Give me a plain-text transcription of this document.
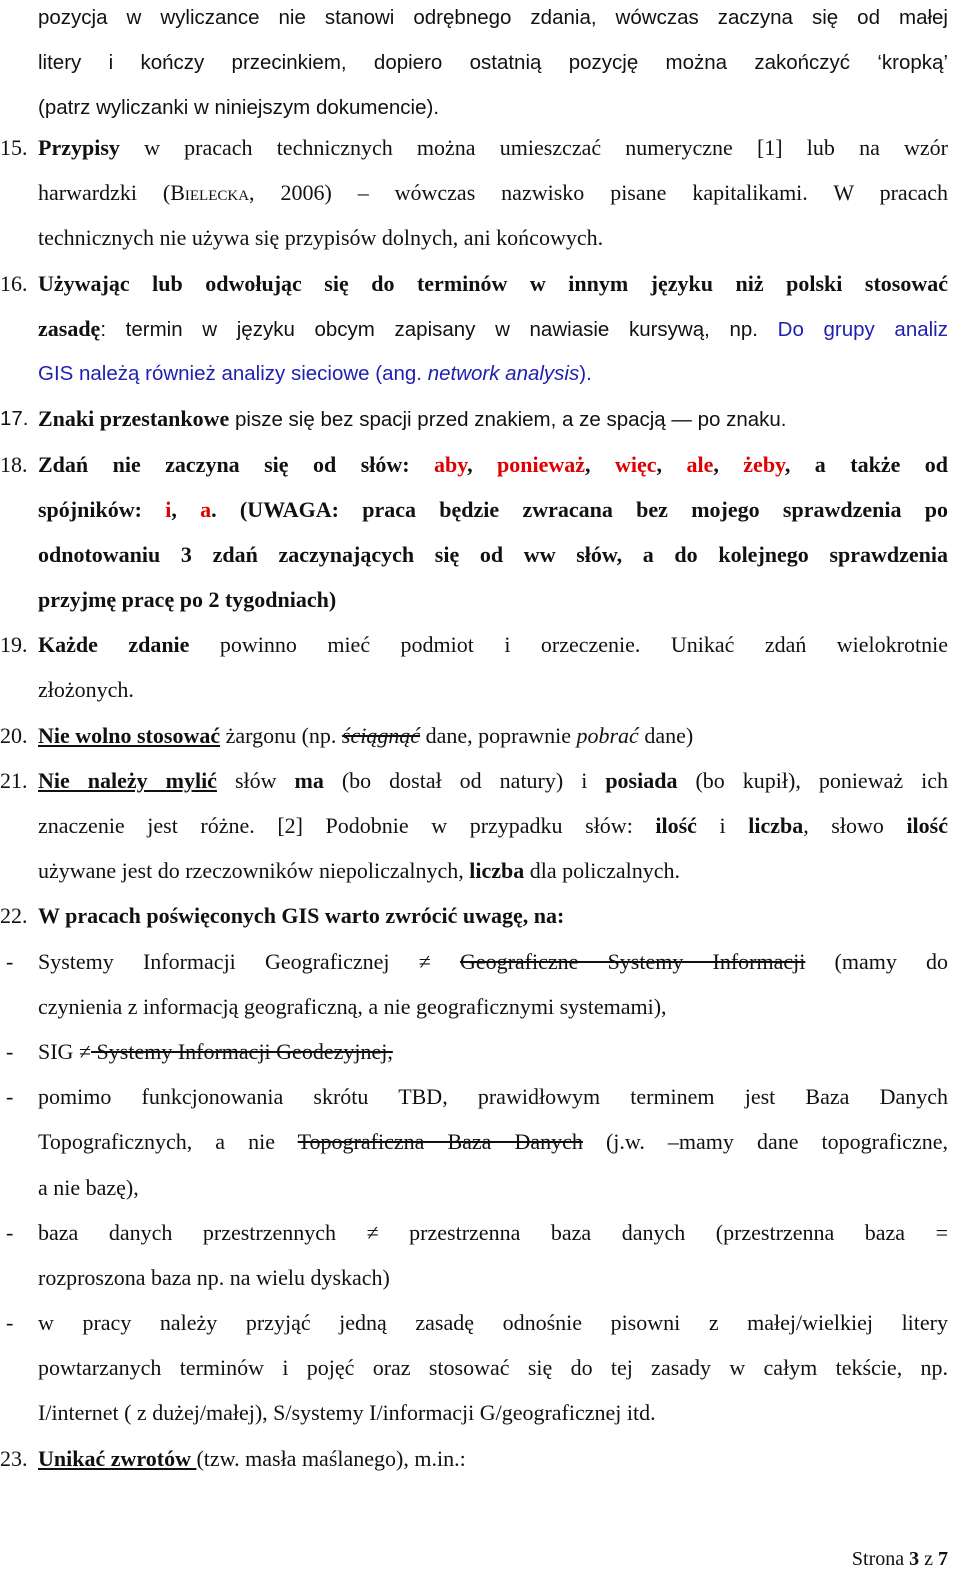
pozycja w wyliczance nie stanowi odrębnego zdania, wówczas zaczyna się od małej
litery i kończy przecinkiem, dopiero ostatnią pozycję można zakończyć ‘kropką’
(patrz wyliczanki w niniejszym dokumencie).
15. Przypisy w pracach technicznych można umieszczać numeryczne [1] lub na wzór
harwardzki (Bielecka, 2006) – wówczas nazwisko pisane kapitalikami. W pracach
technicznych nie używa się przypisów dolnych, ani końcowych.
16. Używając lub odwołując się do terminów w innym języku niż polski stosować
zasadę: termin w języku obcym zapisany w nawiasie kursywą, np. Do grupy analiz
GIS należą również analizy sieciowe (ang. network analysis).
17. Znaki przestankowe pisze się bez spacji przed znakiem, a ze spacją — po znaku.
18. Zdań nie zaczyna się od słów: aby, ponieważ, więc, ale, żeby, a także od
spójników: i, a. (UWAGA: praca będzie zwracana bez mojego sprawdzenia po
odnotowaniu 3 zdań zaczynających się od ww słów, a do kolejnego sprawdzenia
przyjmę pracę po 2 tygodniach)
19. Każde zdanie powinno mieć podmiot i orzeczenie. Unikać zdań wielokrotnie
złożonych.
20. Nie wolno stosować żargonu (np. ściągnąć dane, poprawnie pobrać dane)
21. Nie należy mylić słów ma (bo dostał od natury) i posiada (bo kupił), ponieważ ich
znaczenie jest różne. [2] Podobnie w przypadku słów: ilość i liczba, słowo ilość
używane jest do rzeczowników niepoliczalnych, liczba dla policzalnych.
22. W pracach poświęconych GIS warto zwrócić uwagę, na:
- Systemy Informacji Geograficznej ≠ Geograficzne Systemy Informacji (mamy do
czynienia z informacją geograficzną, a nie geograficznymi systemami),
- SIG ≠ Systemy Informacji Geodezyjnej,
- pomimo funkcjonowania skrótu TBD, prawidłowym terminem jest Baza Danych
Topograficznych, a nie Topograficzna Baza Danych (j.w. –mamy dane topograficzne,
a nie bazę),
- baza danych przestrzennych ≠ przestrzenna baza danych (przestrzenna baza =
rozproszona baza np. na wielu dyskach)
- w pracy należy przyjąć jedną zasadę odnośnie pisowni z małej/wielkiej litery
powtarzanych terminów i pojęć oraz stosować się do tej zasady w całym tekście, np.
I/internet ( z dużej/małej), S/systemy I/informacji G/geograficznej itd.
23. Unikać zwrotów (tzw. masła maślanego), m.in.:
Strona 3 z 7
